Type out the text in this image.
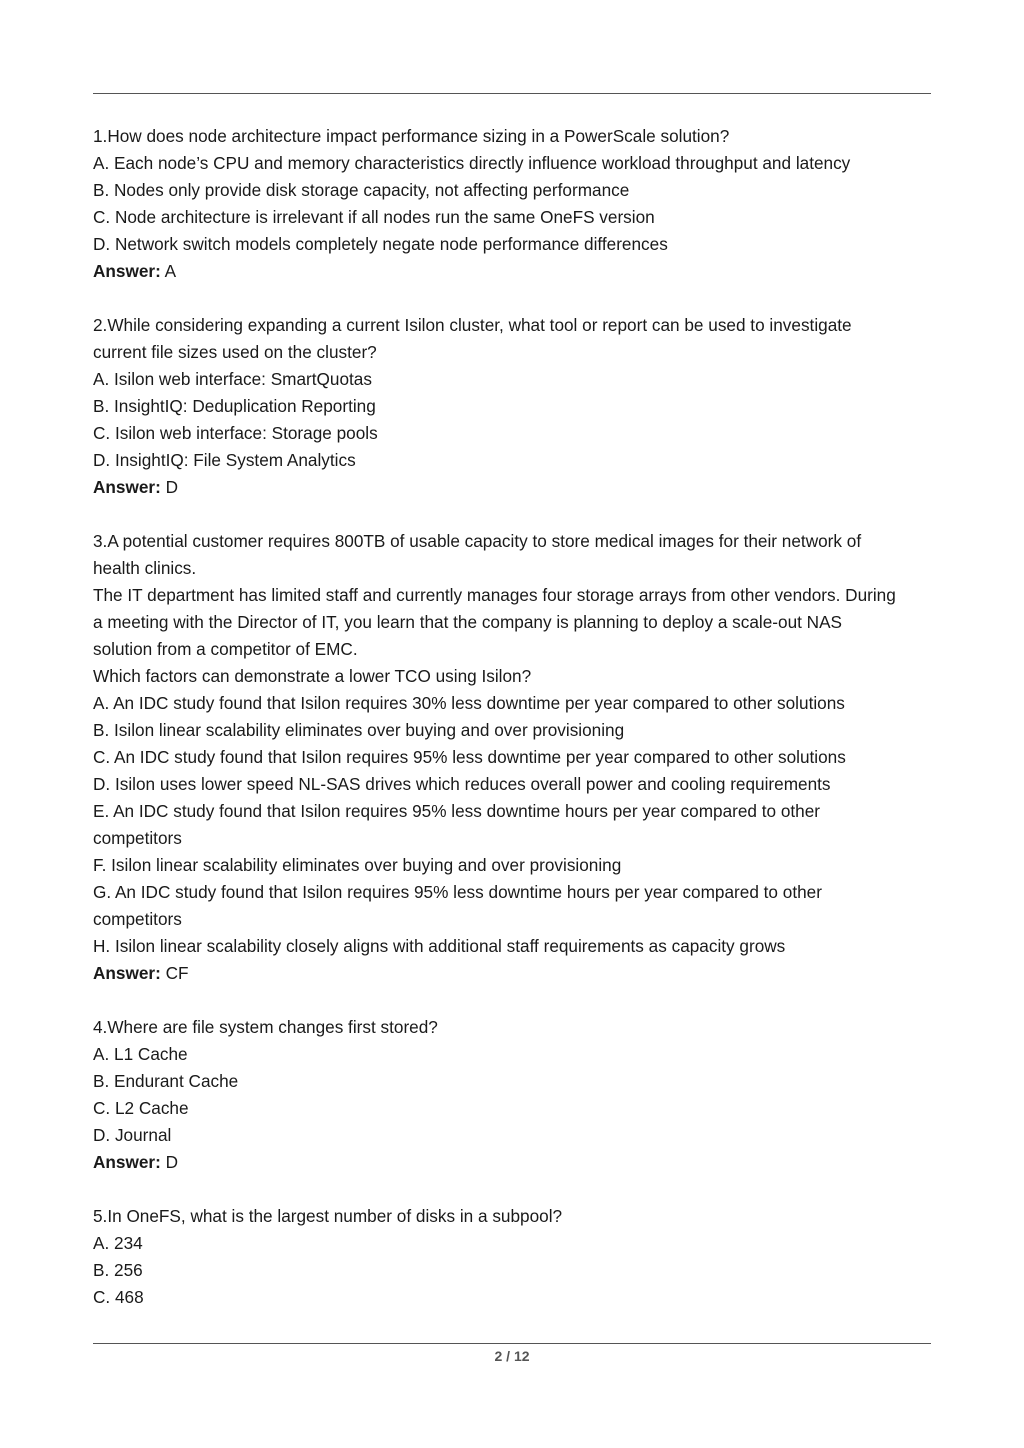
1.How does node architecture impact performance sizing in a PowerScale solution?
A. Each node’s CPU and memory characteristics directly influence workload throughput and latency
B. Nodes only provide disk storage capacity, not affecting performance
C. Node architecture is irrelevant if all nodes run the same OneFS version
D. Network switch models completely negate node performance differences
Answer: A
2.While considering expanding a current Isilon cluster, what tool or report can be used to investigate
current file sizes used on the cluster?
A. Isilon web interface: SmartQuotas
B. InsightIQ: Deduplication Reporting
C. Isilon web interface: Storage pools
D. InsightIQ: File System Analytics
Answer: D
3.A potential customer requires 800TB of usable capacity to store medical images for their network of
health clinics.
The IT department has limited staff and currently manages four storage arrays from other vendors. During
a meeting with the Director of IT, you learn that the company is planning to deploy a scale-out NAS
solution from a competitor of EMC.
Which factors can demonstrate a lower TCO using Isilon?
A. An IDC study found that Isilon requires 30% less downtime per year compared to other solutions
B. Isilon linear scalability eliminates over buying and over provisioning
C. An IDC study found that Isilon requires 95% less downtime per year compared to other solutions
D. Isilon uses lower speed NL-SAS drives which reduces overall power and cooling requirements
E. An IDC study found that Isilon requires 95% less downtime hours per year compared to other
competitors
F. Isilon linear scalability eliminates over buying and over provisioning
G. An IDC study found that Isilon requires 95% less downtime hours per year compared to other
competitors
H. Isilon linear scalability closely aligns with additional staff requirements as capacity grows
Answer: CF
4.Where are file system changes first stored?
A. L1 Cache
B. Endurant Cache
C. L2 Cache
D. Journal
Answer: D
5.In OneFS, what is the largest number of disks in a subpool?
A. 234
B. 256
C. 468
2 / 12
